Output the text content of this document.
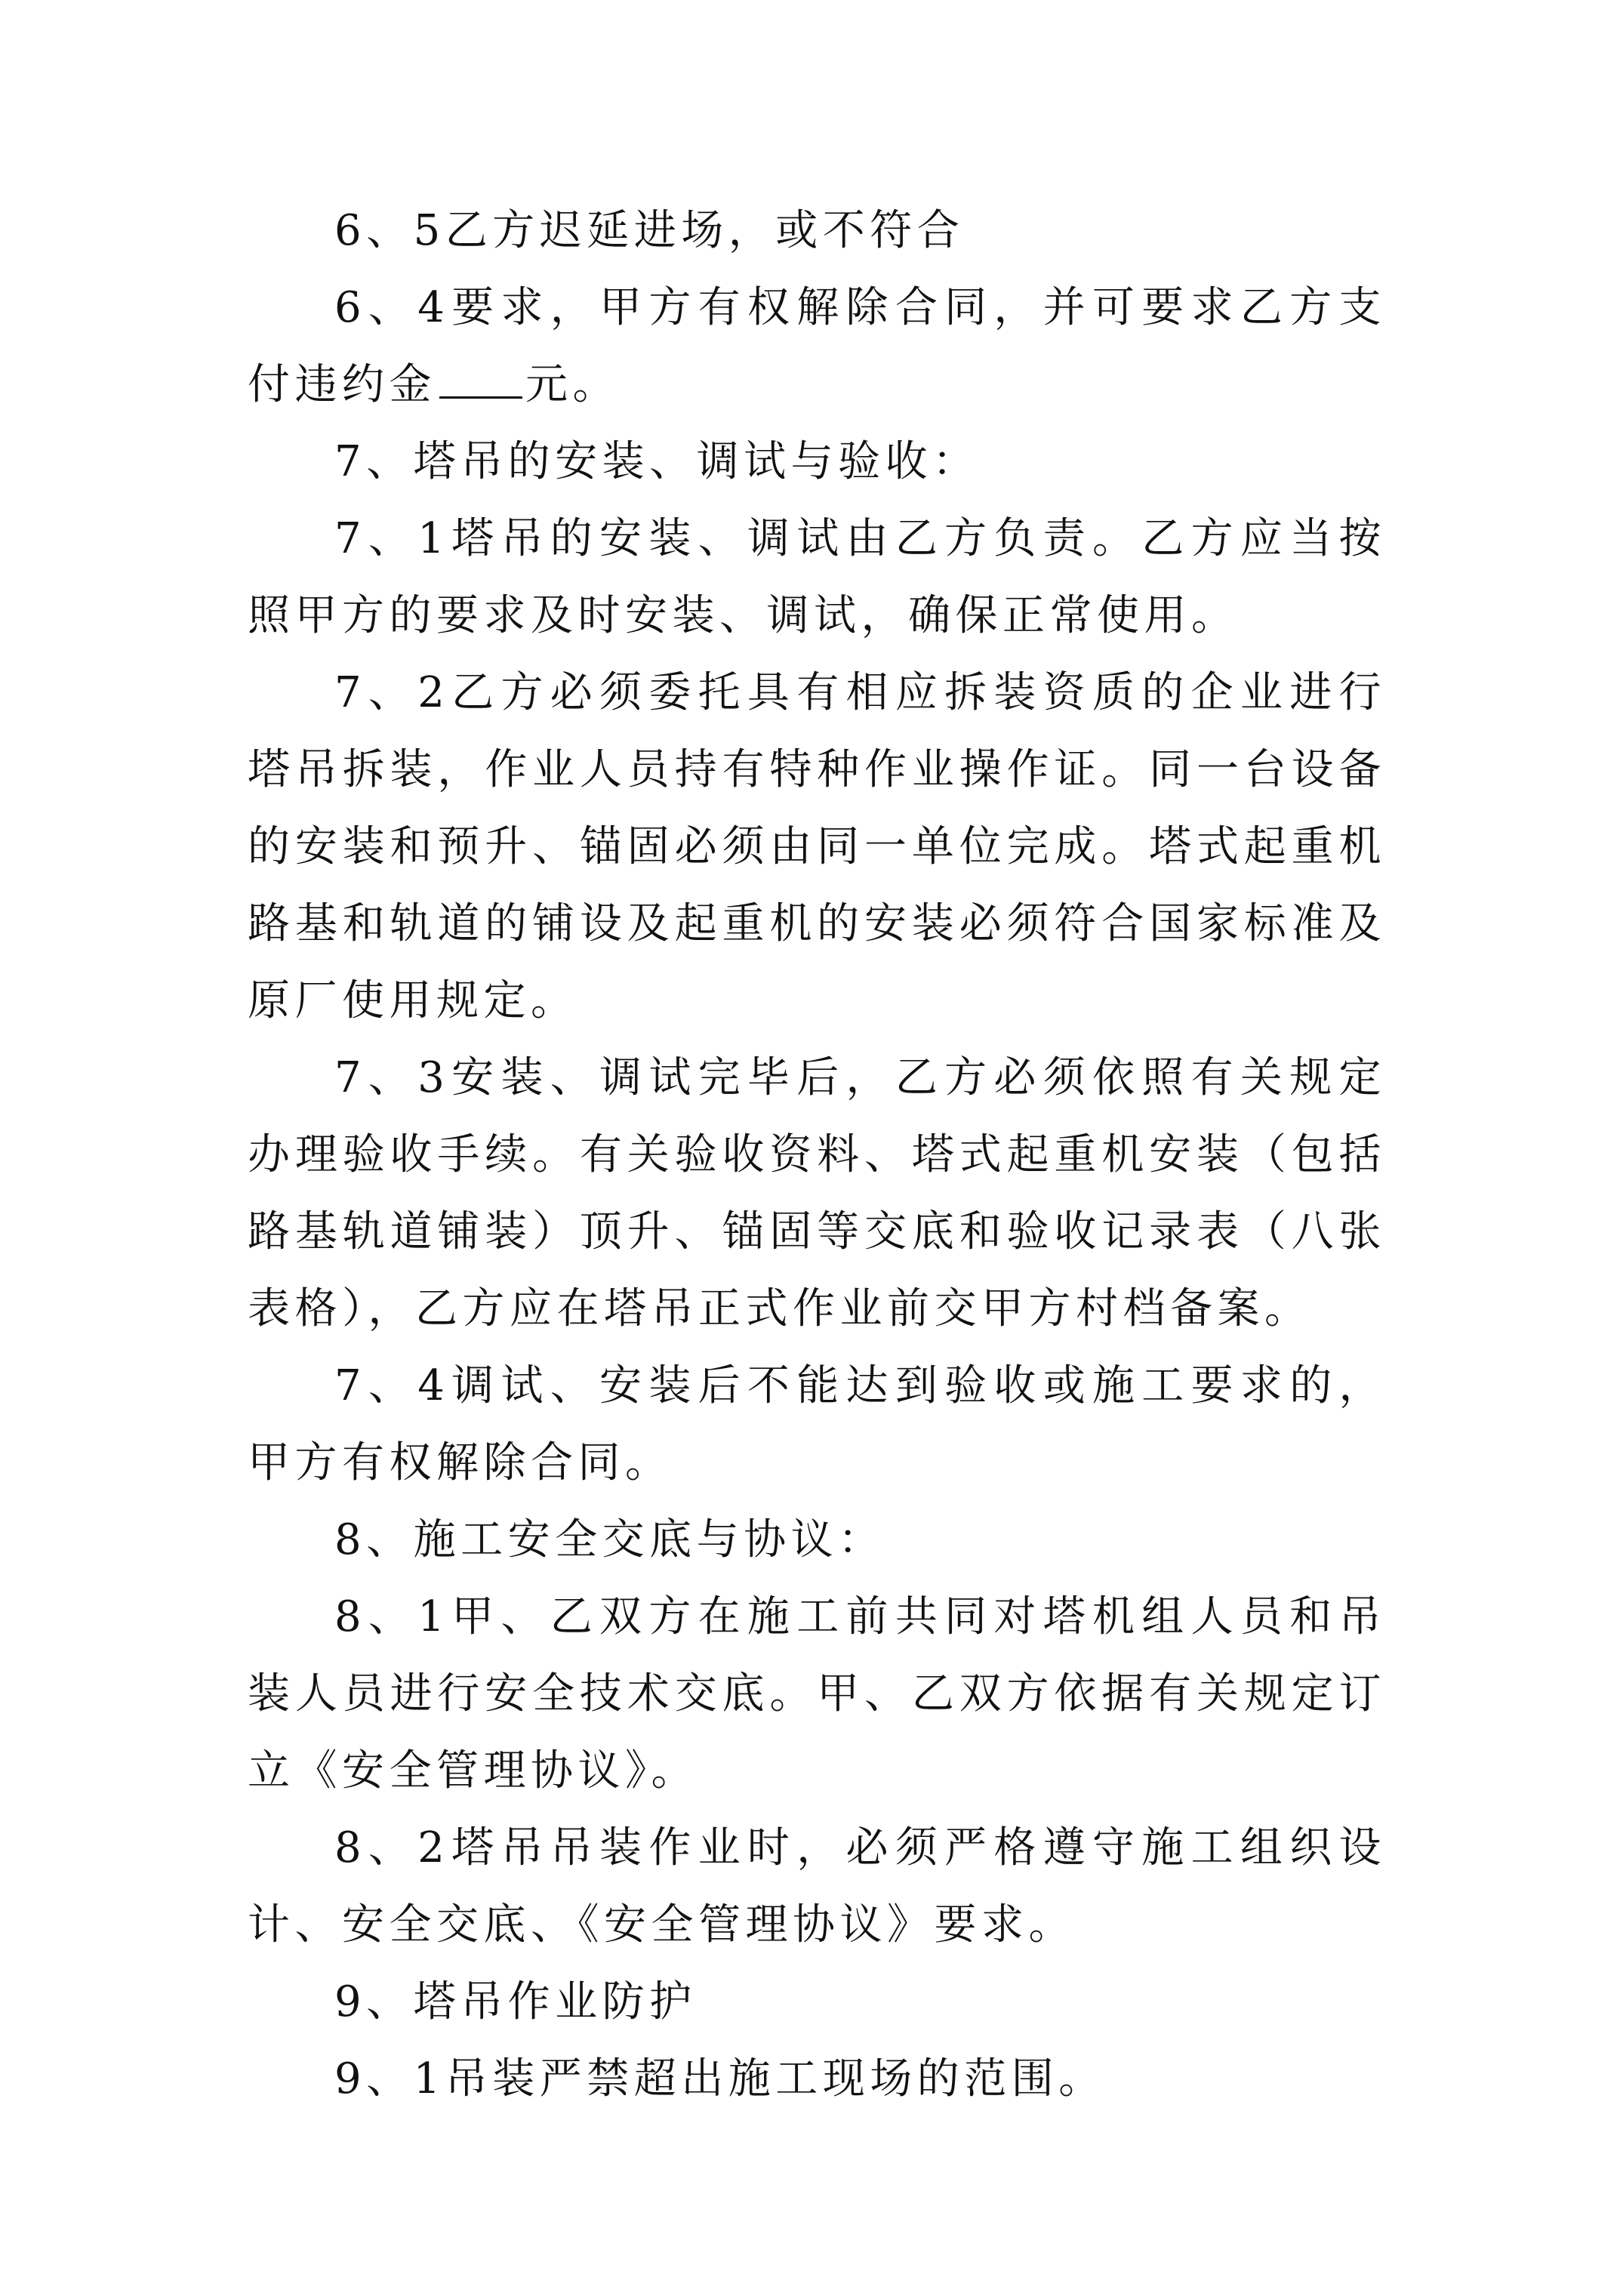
6、5乙方迟延进场，或不符合

6、4要求，甲方有权解除合同，并可要求乙方支付违约金 元。

7、塔吊的安装、调试与验收：

7、1塔吊的安装、调试由乙方负责。乙方应当按照甲方的要求及时安装、调试，确保正常使用。

7、2乙方必须委托具有相应拆装资质的企业进行塔吊拆装，作业人员持有特种作业操作证。同一台设备的安装和预升、锚固必须由同一单位完成。塔式起重机路基和轨道的铺设及起重机的安装必须符合国家标准及原厂使用规定。

7、3安装、调试完毕后，乙方必须依照有关规定办理验收手续。有关验收资料、塔式起重机安装（包括路基轨道铺装）顶升、锚固等交底和验收记录表（八张表格），乙方应在塔吊正式作业前交甲方村档备案。

7、4调试、安装后不能达到验收或施工要求的，甲方有权解除合同。

8、施工安全交底与协议：

8、1甲、乙双方在施工前共同对塔机组人员和吊装人员进行安全技术交底。甲、乙双方依据有关规定订立《安全管理协议》。

8、2塔吊吊装作业时，必须严格遵守施工组织设计、安全交底、《安全管理协议》要求。

9、塔吊作业防护

9、1吊装严禁超出施工现场的范围。
